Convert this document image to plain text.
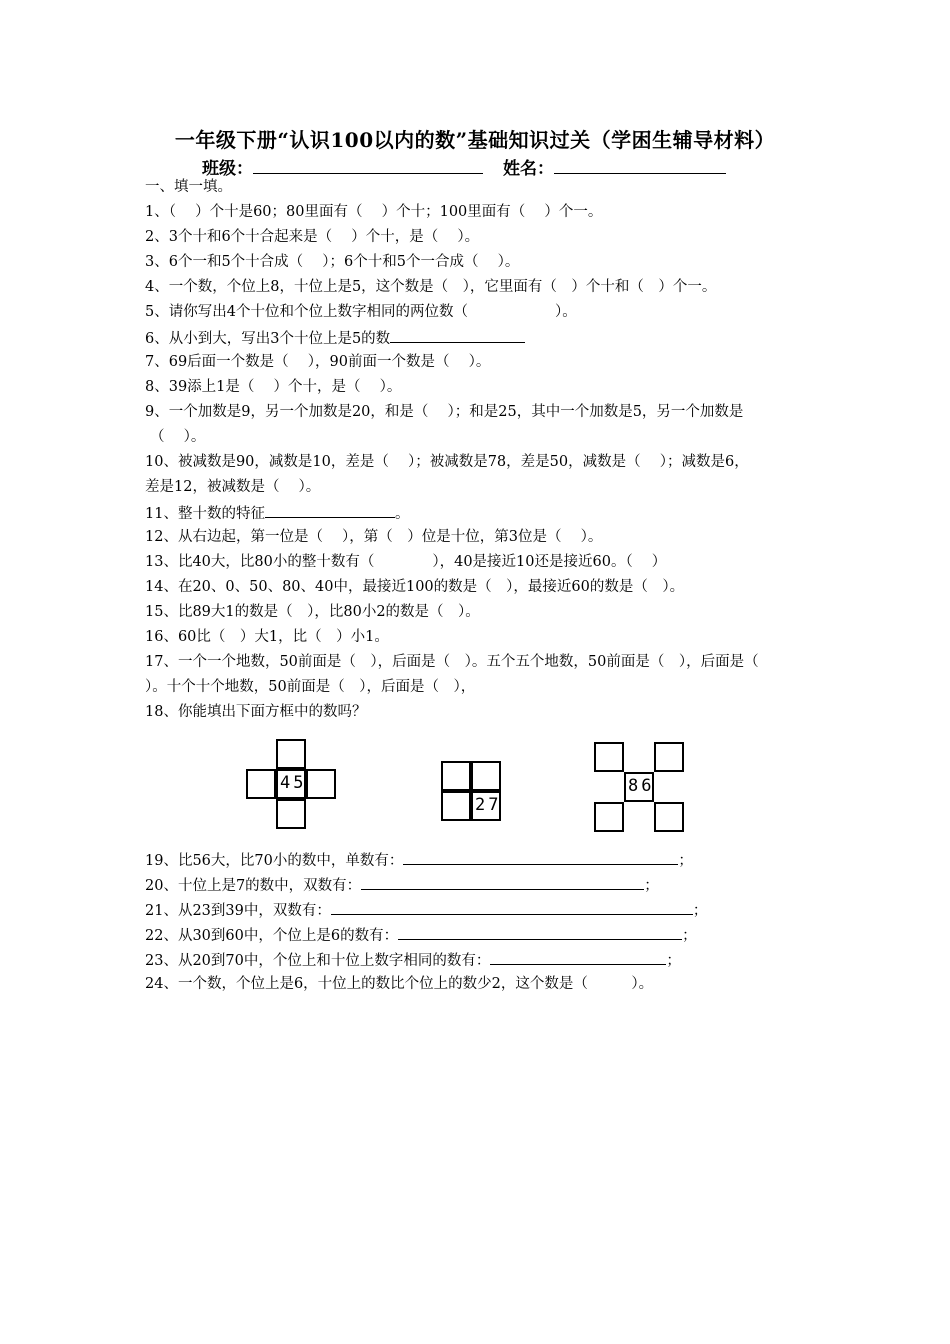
一年级下册“认识100以内的数”基础知识过关（学困生辅导材料）
班级：	姓名：
一、填一填。
1、（　 ）个十是60；80里面有（　 ）个十；100里面有（　 ）个一。
2、3个十和6个十合起来是（　 ）个十，是（　 ）。
3、6个一和5个十合成（　 ）；6个十和5个一合成（　 ）。
4、一个数，个位上8，十位上是5，这个数是（　），它里面有（　）个十和（　）个一。
5、请你写出4个十位和个位上数字相同的两位数（　　　　　　）。
6、从小到大，写出3个十位上是5的数
7、69后面一个数是（　 ），90前面一个数是（　 ）。
8、39添上1是（　 ）个十，是（　 ）。
9、一个加数是9，另一个加数是20，和是（　 ）；和是25，其中一个加数是5，另一个加数是
（　 ）。
10、被减数是90，减数是10，差是（　 ）；被减数是78，差是50，减数是（　 ）；减数是6，
差是12，被减数是（　 ）。
11、整十数的特征	。
12、从右边起，第一位是（　 ），第（　）位是十位，第3位是（　 ）。
13、比40大，比80小的整十数有（　　　　），40是接近10还是接近60。（　 ）
14、在20、0、50、80、40中，最接近100的数是（　），最接近60的数是（　）。
15、比89大1的数是（　），比80小2的数是（　）。
16、60比（　）大1，比（　）小1。
17、一个一个地数，50前面是（　），后面是（　）。五个五个地数，50前面是（　），后面是（
）。十个十个地数，50前面是（　），后面是（　），
18、你能填出下面方框中的数吗？
45
27
86
19、比56大，比70小的数中，单数有：	；
20、十位上是7的数中，双数有：	；
21、从23到39中，双数有：	；
22、从30到60中，个位上是6的数有：	；
23、从20到70中，个位上和十位上数字相同的数有：	；
24、一个数，个位上是6，十位上的数比个位上的数少2，这个数是（　　　）。
